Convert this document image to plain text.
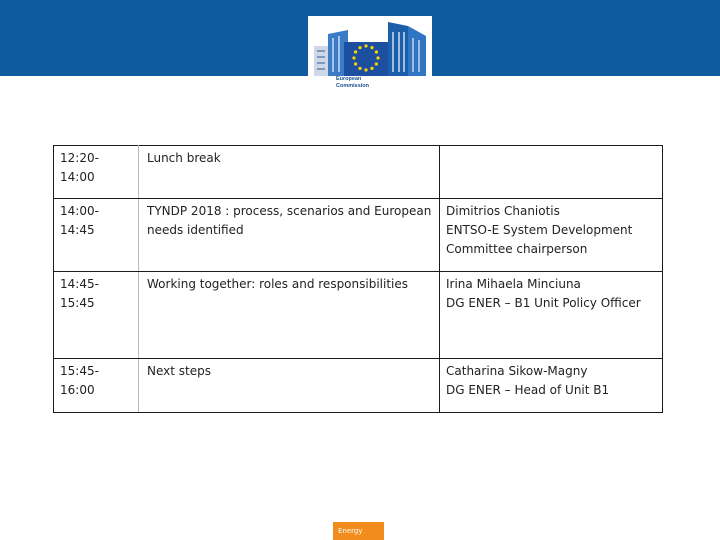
European
Commission
12:20-14:00	Lunch break	
14:00-14:45	TYNDP 2018 : process, scenarios and European needs identified	Dimitrios Chaniotis
ENTSO-E System Development Committee chairperson
14:45-15:45	Working together: roles and responsibilities	Irina Mihaela Minciuna
DG ENER – B1 Unit Policy Officer
15:45-16:00	Next steps	Catharina Sikow-Magny
DG ENER – Head of Unit B1
Energy
